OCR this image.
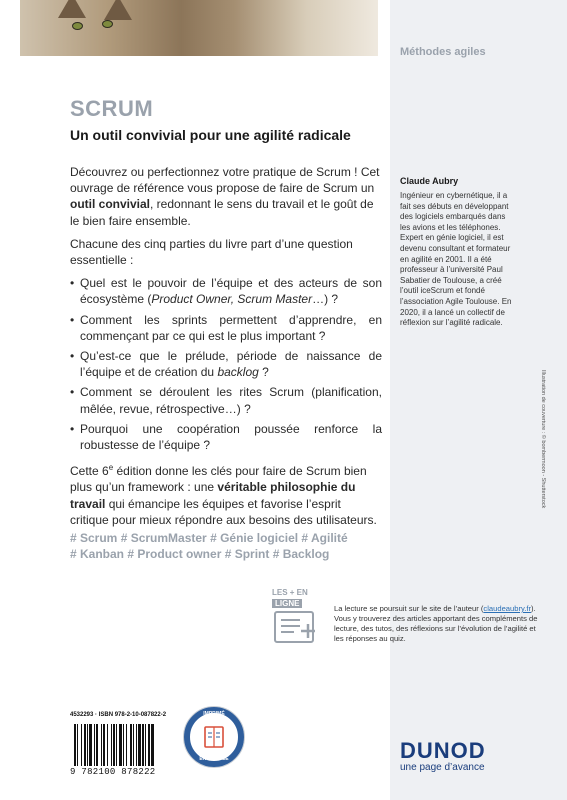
Méthodes agiles
SCRUM
Un outil convivial pour une agilité radicale

Découvrez ou perfectionnez votre pratique de Scrum ! Cet ouvrage de référence vous propose de faire de Scrum un outil convivial, redonnant le sens du travail et le goût de le bien faire ensemble.

Chacune des cinq parties du livre part d’une question essentielle :

• Quel est le pouvoir de l’équipe et des acteurs de son écosystème (Product Owner, Scrum Master…) ?
• Comment les sprints permettent d’apprendre, en commençant par ce qui est le plus important ?
• Qu’est-ce que le prélude, période de naissance de l’équipe et de création du backlog ?
• Comment se déroulent les rites Scrum (planification, mêlée, revue, rétrospective…) ?
• Pourquoi une coopération poussée renforce la robustesse de l’équipe ?

Cette 6e édition donne les clés pour faire de Scrum bien plus qu’un framework : une véritable philosophie du travail qui émancipe les équipes et favorise l’esprit critique pour mieux répondre aux besoins des utilisateurs.

# Scrum # ScrumMaster # Génie logiciel # Agilité
# Kanban # Product owner # Sprint # Backlog
Claude Aubry
Ingénieur en cybernétique, il a fait ses débuts en développant des logiciels embarqués dans les avions et les téléphones. Expert en génie logiciel, il est devenu consultant et formateur en agilité en 2001. Il a été professeur à l’université Paul Sabatier de Toulouse, a créé l’outil iceScrum et fondé l’association Agile Toulouse. En 2020, il a lancé un collectif de réflexion sur l’agilité radicale.
Illustration de couverture : © bombermoon - Shutterstock
LES + EN
LIGNE
La lecture se poursuit sur le site de l’auteur (claudeaubry.fr). Vous y trouverez des articles apportant des compléments de lecture, des tutos, des réflexions sur l’évolution de l’agilité et les réponses au quiz.
4532293 · ISBN 978-2-10-087822-2
9 782100 878222
IMPRIMÉ
EN FRANCE	DUNOD
une page d’avance
